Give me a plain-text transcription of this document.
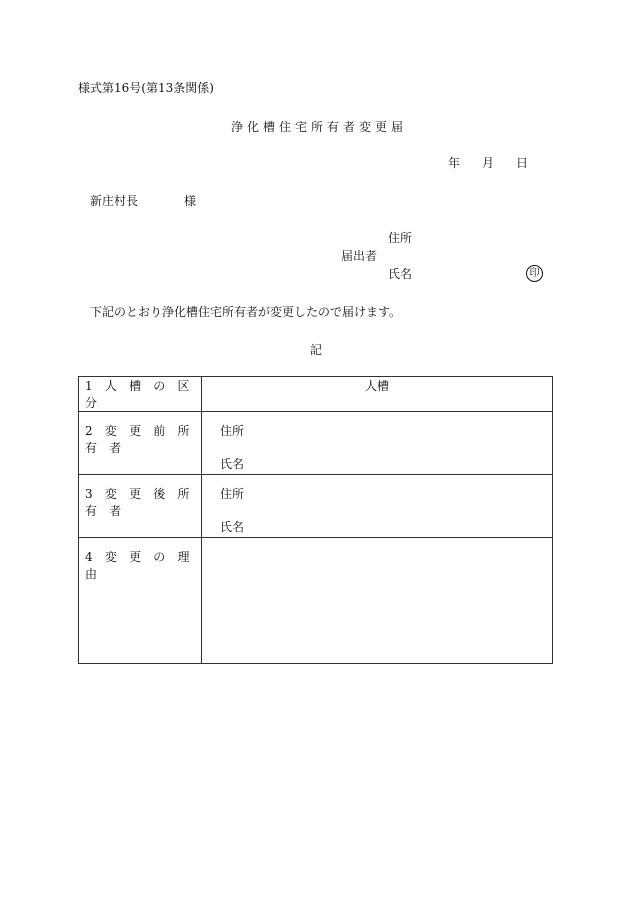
様式第16号(第13条関係)
浄化槽住宅所有者変更届
年 月 日
新庄村長	様
住所
届出者
氏名	印
下記のとおり浄化槽住宅所有者が変更したので届けます。
記
1 人 槽 の 区 分	人槽

2 変 更 前 所 有 者	住所
氏名

3 変 更 後 所 有 者	住所
氏名

4 変 更 の 理 由	
